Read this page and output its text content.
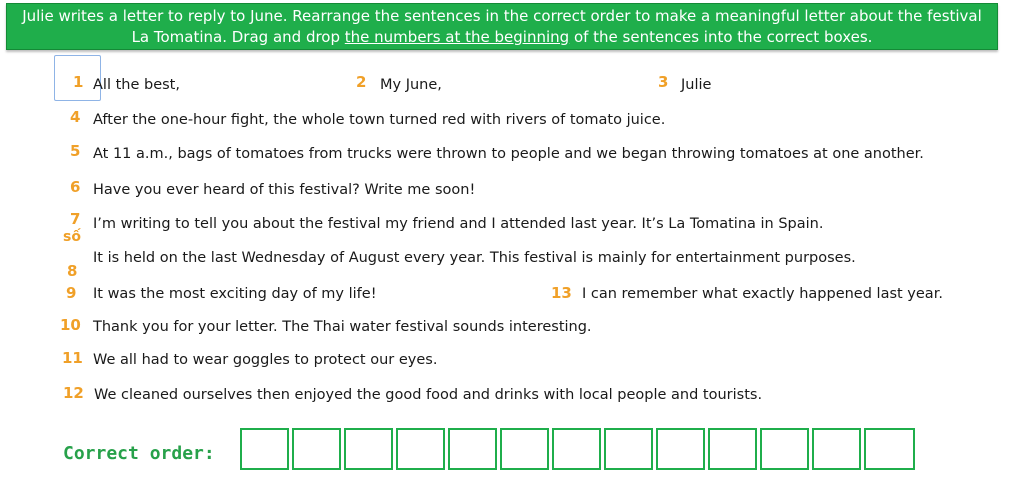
Julie writes a letter to reply to June. Rearrange the sentences in the correct order to make a meaningful letter about the festival
La Tomatina. Drag and drop the numbers at the beginning of the sentences into the correct boxes.
1 All the best,	2 My June,	3 Julie
4 After the one-hour fight, the whole town turned red with rivers of tomato juice.
5 At 11 a.m., bags of tomatoes from trucks were thrown to people and we began throwing tomatoes at one another.
6 Have you ever heard of this festival? Write me soon!
7
số
I’m writing to tell you about the festival my friend and I attended last year. It’s La Tomatina in Spain.
8
It is held on the last Wednesday of August every year. This festival is mainly for entertainment purposes.
9 It was the most exciting day of my life!	13 I can remember what exactly happened last year.
10 Thank you for your letter. The Thai water festival sounds interesting.
11 We all had to wear goggles to protect our eyes.
12 We cleaned ourselves then enjoyed the good food and drinks with local people and tourists.
Correct order:
